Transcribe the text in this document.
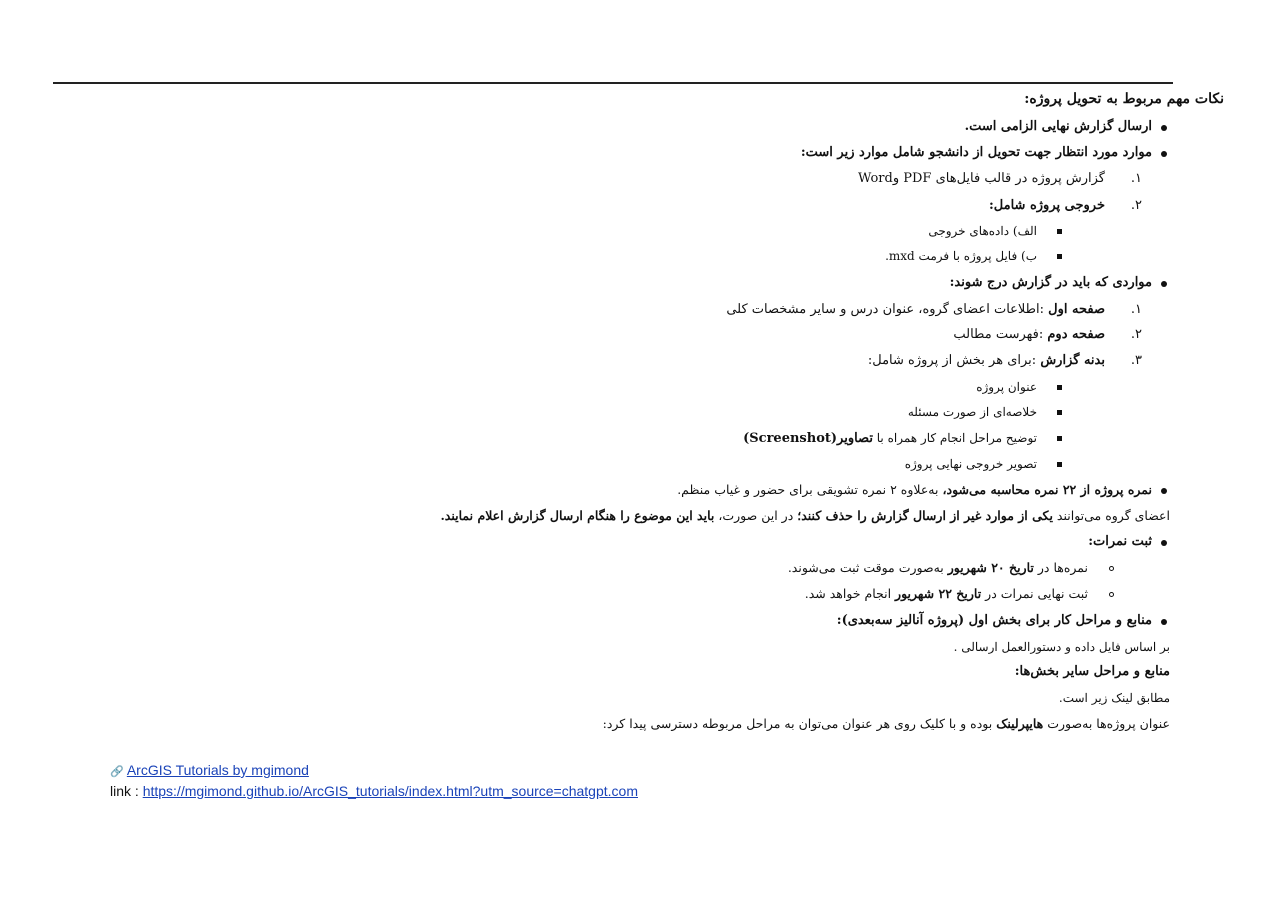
نکات مهم مربوط به تحویل پروژه:
ارسال گزارش نهایی الزامی است.
موارد مورد انتظار جهت تحویل از دانشجو شامل موارد زیر است:
۱.
گزارش پروژه در قالب فایل‌های PDF وWord
۲.
خروجی پروژه شامل:
الف) داده‌های خروجی
ب) فایل پروژه با فرمت mxd.
مواردی که باید در گزارش درج شوند:
۱.
صفحه اول :اطلاعات اعضای گروه، عنوان درس و سایر مشخصات کلی
۲.
صفحه دوم :فهرست مطالب
۳.
بدنه گزارش :برای هر بخش از پروژه شامل:
عنوان پروژه
خلاصه‌ای از صورت مسئله
توضیح مراحل انجام کار همراه با تصاویر(Screenshot)
تصویر خروجی نهایی پروژه
نمره پروژه از ۲۲ نمره محاسبه می‌شود، به‌علاوه ۲ نمره تشویقی برای حضور و غیاب منظم.
اعضای گروه می‌توانند یکی از موارد غیر از ارسال گزارش را حذف کنند؛ در این صورت، باید این موضوع را هنگام ارسال گزارش اعلام نمایند.
ثبت نمرات:
نمره‌ها در تاریخ ۲۰ شهریور به‌صورت موقت ثبت می‌شوند.
ثبت نهایی نمرات در تاریخ ۲۲ شهریور انجام خواهد شد.
منابع و مراحل کار برای بخش اول (پروژه آنالیز سه‌بعدی):
بر اساس فایل داده و دستورالعمل ارسالی .
منابع و مراحل سایر بخش‌ها:
مطابق لینک زیر است.
عنوان پروژه‌ها به‌صورت هایپرلینک بوده و با کلیک روی هر عنوان می‌توان به مراحل مربوطه دسترسی پیدا کرد:
🔗 ArcGIS Tutorials by mgimond
link : https://mgimond.github.io/ArcGIS_tutorials/index.html?utm_source=chatgpt.com
